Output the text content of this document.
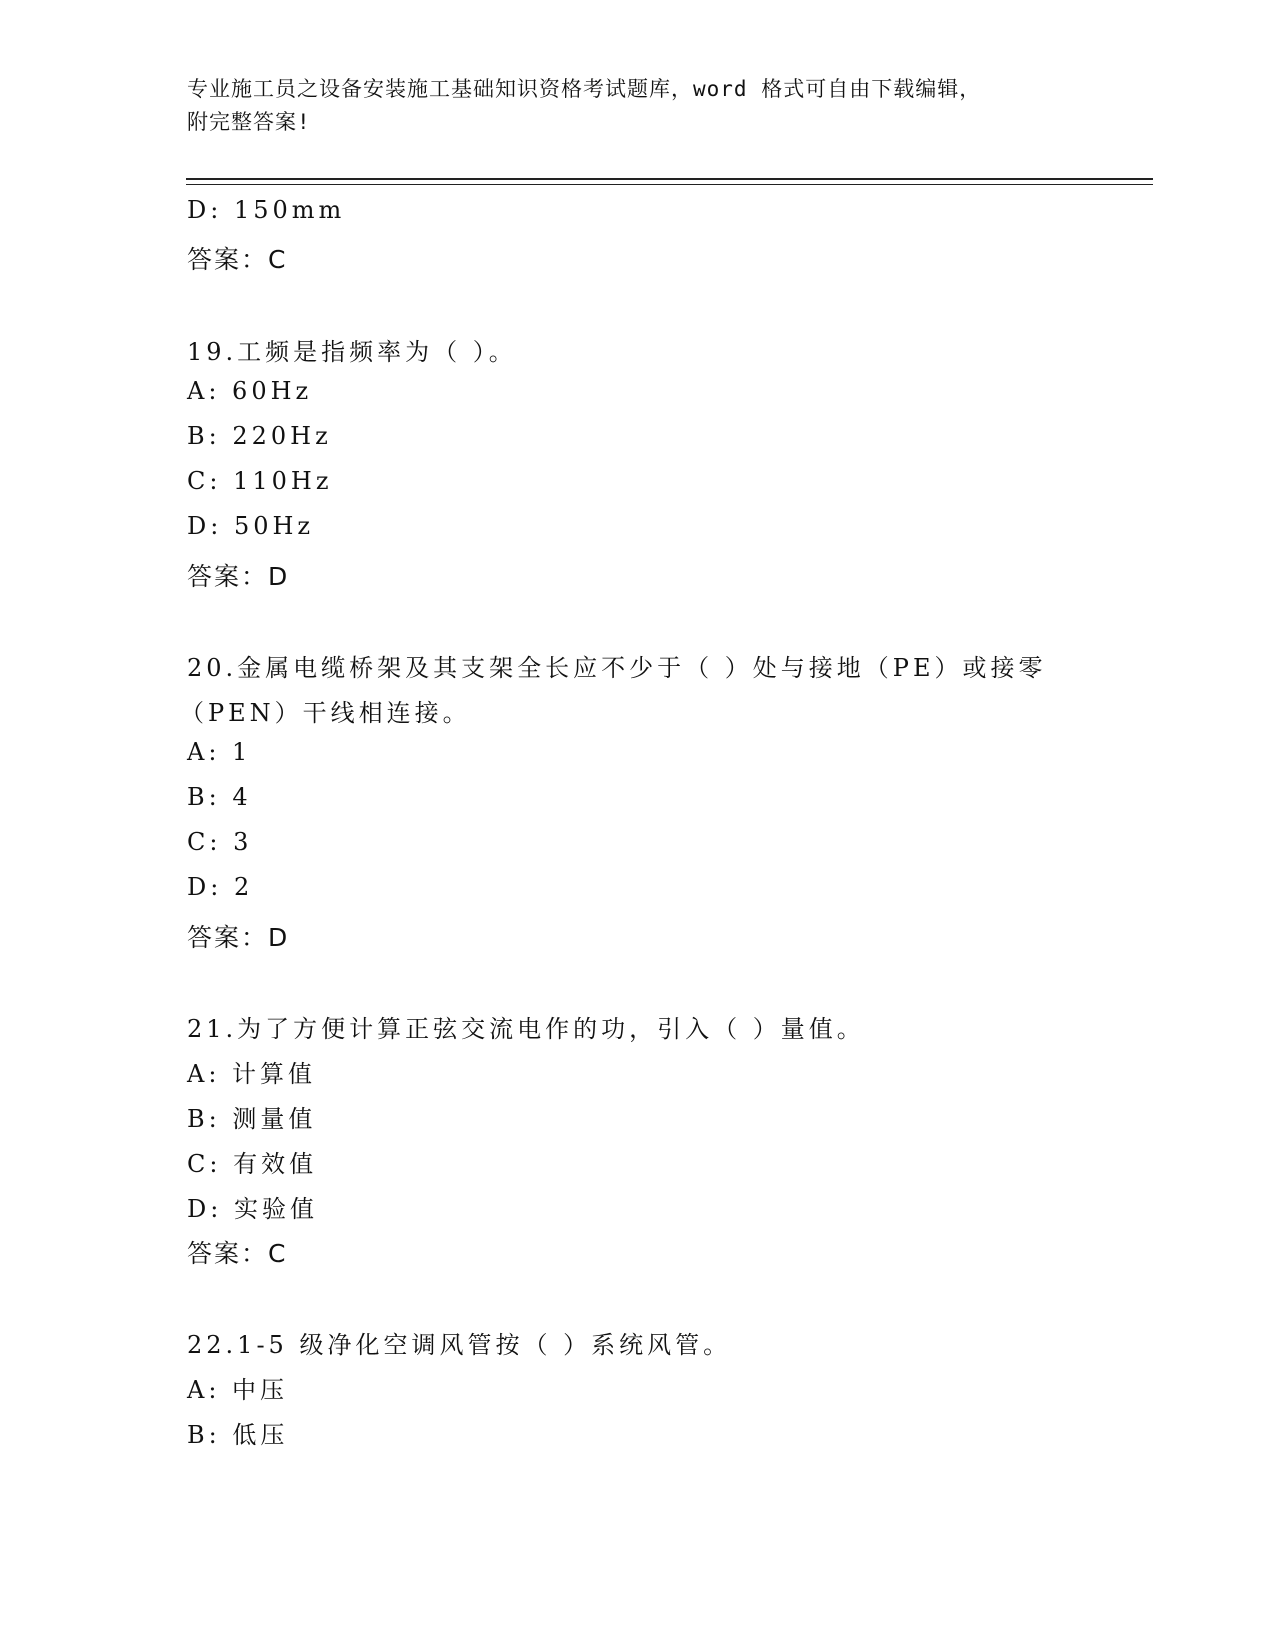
专业施工员之设备安装施工基础知识资格考试题库，word 格式可自由下载编辑，
附完整答案!
D: 150mm
答案：C
19.工频是指频率为（ ）。
A: 60Hz
B: 220Hz
C: 110Hz
D: 50Hz
答案：D
20.金属电缆桥架及其支架全长应不少于（ ）处与接地（PE）或接零
（PEN）干线相连接。
A: 1
B: 4
C: 3
D: 2
答案：D
21.为了方便计算正弦交流电作的功，引入（ ）量值。
A: 计算值
B: 测量值
C: 有效值
D: 实验值
答案：C
22.1-5 级净化空调风管按（ ）系统风管。
A: 中压
B: 低压
